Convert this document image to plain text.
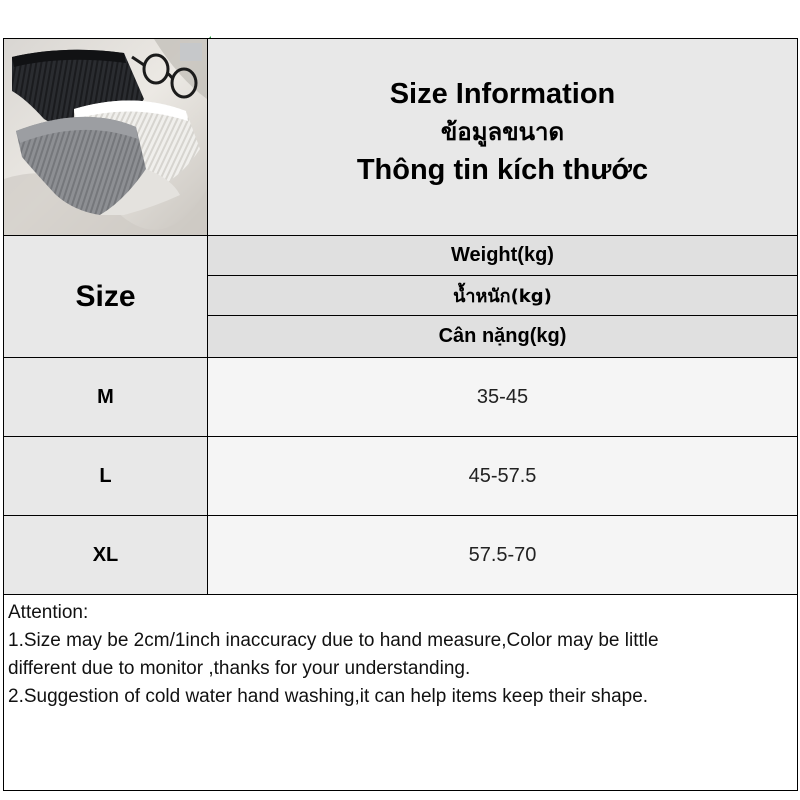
Size Information
ข้อมูลขนาด
Thông tin kích thước
Size
Weight(kg)
น้ำหนัก(kg)
Cân nặng(kg)
M	35-45
L	45-57.5
XL	57.5-70

Attention:

1.Size may be 2cm/1inch inaccuracy due to hand measure,Color may be little

different due to monitor ,thanks for your understanding.

2.Suggestion of cold water hand washing,it can help items keep their shape.
